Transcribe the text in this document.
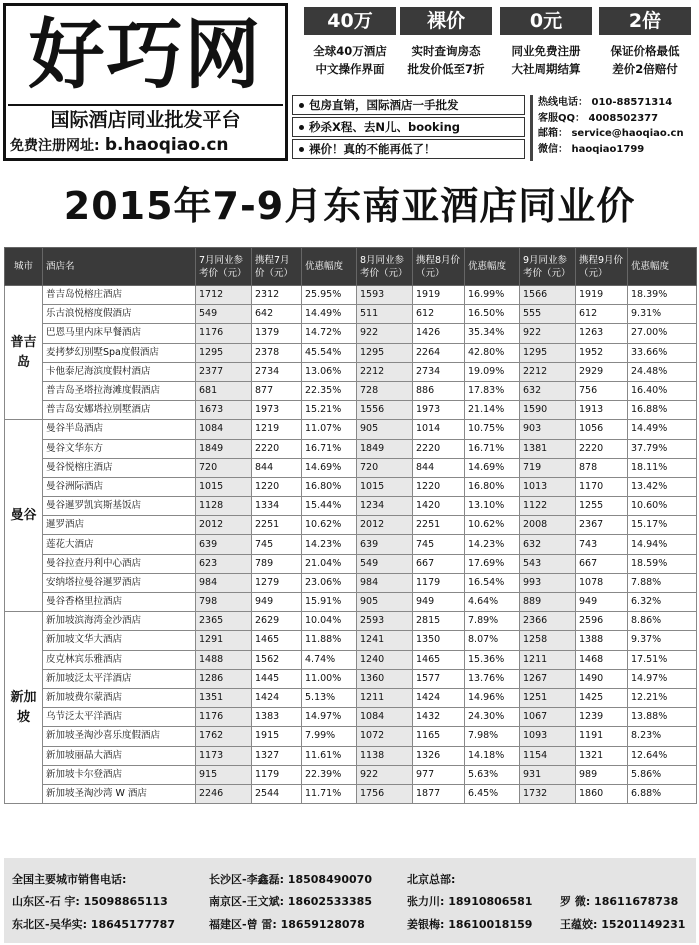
好巧网
国际酒店同业批发平台
免费注册网址: b.haoqiao.cn
40万
全球40万酒店
中文操作界面
裸价
实时查询房态
批发价低至7折
0元
同业免费注册
大社周期结算
2倍
保证价格最低
差价2倍赔付
包房直销，国际酒店一手批发
秒杀X程、去N儿、booking
裸价！真的不能再低了！
热线电话： 010-88571314
客服QQ： 4008502377
邮箱： service@haoqiao.cn
微信： haoqiao1799
2015年7-9月东南亚酒店同业价
城市	酒店名	7月同业参考价（元）	携程7月价（元）	优惠幅度	8月同业参考价（元）	携程8月价（元）	优惠幅度	9月同业参考价（元）	携程9月价（元）	优惠幅度
普吉岛	普吉岛悦榕庄酒店	1712	2312	25.95%	1593	1919	16.99%	1566	1919	18.39%
	乐古浪悦榕度假酒店	549	642	14.49%	511	612	16.50%	555	612	9.31%
	巴恩马里内床早餐酒店	1176	1379	14.72%	922	1426	35.34%	922	1263	27.00%
	麦拷梦幻别墅Spa度假酒店	1295	2378	45.54%	1295	2264	42.80%	1295	1952	33.66%
	卡他泰尼海滨度假村酒店	2377	2734	13.06%	2212	2734	19.09%	2212	2929	24.48%
	普吉岛圣塔拉海滩度假酒店	681	877	22.35%	728	886	17.83%	632	756	16.40%
	普吉岛安娜塔拉别墅酒店	1673	1973	15.21%	1556	1973	21.14%	1590	1913	16.88%
曼谷	曼谷半岛酒店	1084	1219	11.07%	905	1014	10.75%	903	1056	14.49%
	曼谷文华东方	1849	2220	16.71%	1849	2220	16.71%	1381	2220	37.79%
	曼谷悦榕庄酒店	720	844	14.69%	720	844	14.69%	719	878	18.11%
	曼谷洲际酒店	1015	1220	16.80%	1015	1220	16.80%	1013	1170	13.42%
	曼谷暹罗凯宾斯基饭店	1128	1334	15.44%	1234	1420	13.10%	1122	1255	10.60%
	暹罗酒店	2012	2251	10.62%	2012	2251	10.62%	2008	2367	15.17%
	莲花大酒店	639	745	14.23%	639	745	14.23%	632	743	14.94%
	曼谷拉查丹利中心酒店	623	789	21.04%	549	667	17.69%	543	667	18.59%
	安纳塔拉曼谷暹罗酒店	984	1279	23.06%	984	1179	16.54%	993	1078	7.88%
	曼谷香格里拉酒店	798	949	15.91%	905	949	4.64%	889	949	6.32%
新加坡	新加坡滨海湾金沙酒店	2365	2629	10.04%	2593	2815	7.89%	2366	2596	8.86%
	新加坡文华大酒店	1291	1465	11.88%	1241	1350	8.07%	1258	1388	9.37%
	皮克林宾乐雅酒店	1488	1562	4.74%	1240	1465	15.36%	1211	1468	17.51%
	新加坡泛太平洋酒店	1286	1445	11.00%	1360	1577	13.76%	1267	1490	14.97%
	新加坡费尔蒙酒店	1351	1424	5.13%	1211	1424	14.96%	1251	1425	12.21%
	乌节泛太平洋酒店	1176	1383	14.97%	1084	1432	24.30%	1067	1239	13.88%
	新加坡圣淘沙喜乐度假酒店	1762	1915	7.99%	1072	1165	7.98%	1093	1191	8.23%
	新加坡丽晶大酒店	1173	1327	11.61%	1138	1326	14.18%	1154	1321	12.64%
	新加坡卡尔登酒店	915	1179	22.39%	922	977	5.63%	931	989	5.86%
	新加坡圣淘沙湾 W 酒店	2246	2544	11.71%	1756	1877	6.45%	1732	1860	6.88%
全国主要城市销售电话:
山东区-石 宇: 15098865113
东北区-吴华实: 18645177787
长沙区-李鑫磊: 18508490070
南京区-王文斌: 18602533385
福建区-曾 雷: 18659128078
北京总部:
张力川: 18910806581
姜银梅: 18610018159
罗 微: 18611678738
王蕴姣: 15201149231
